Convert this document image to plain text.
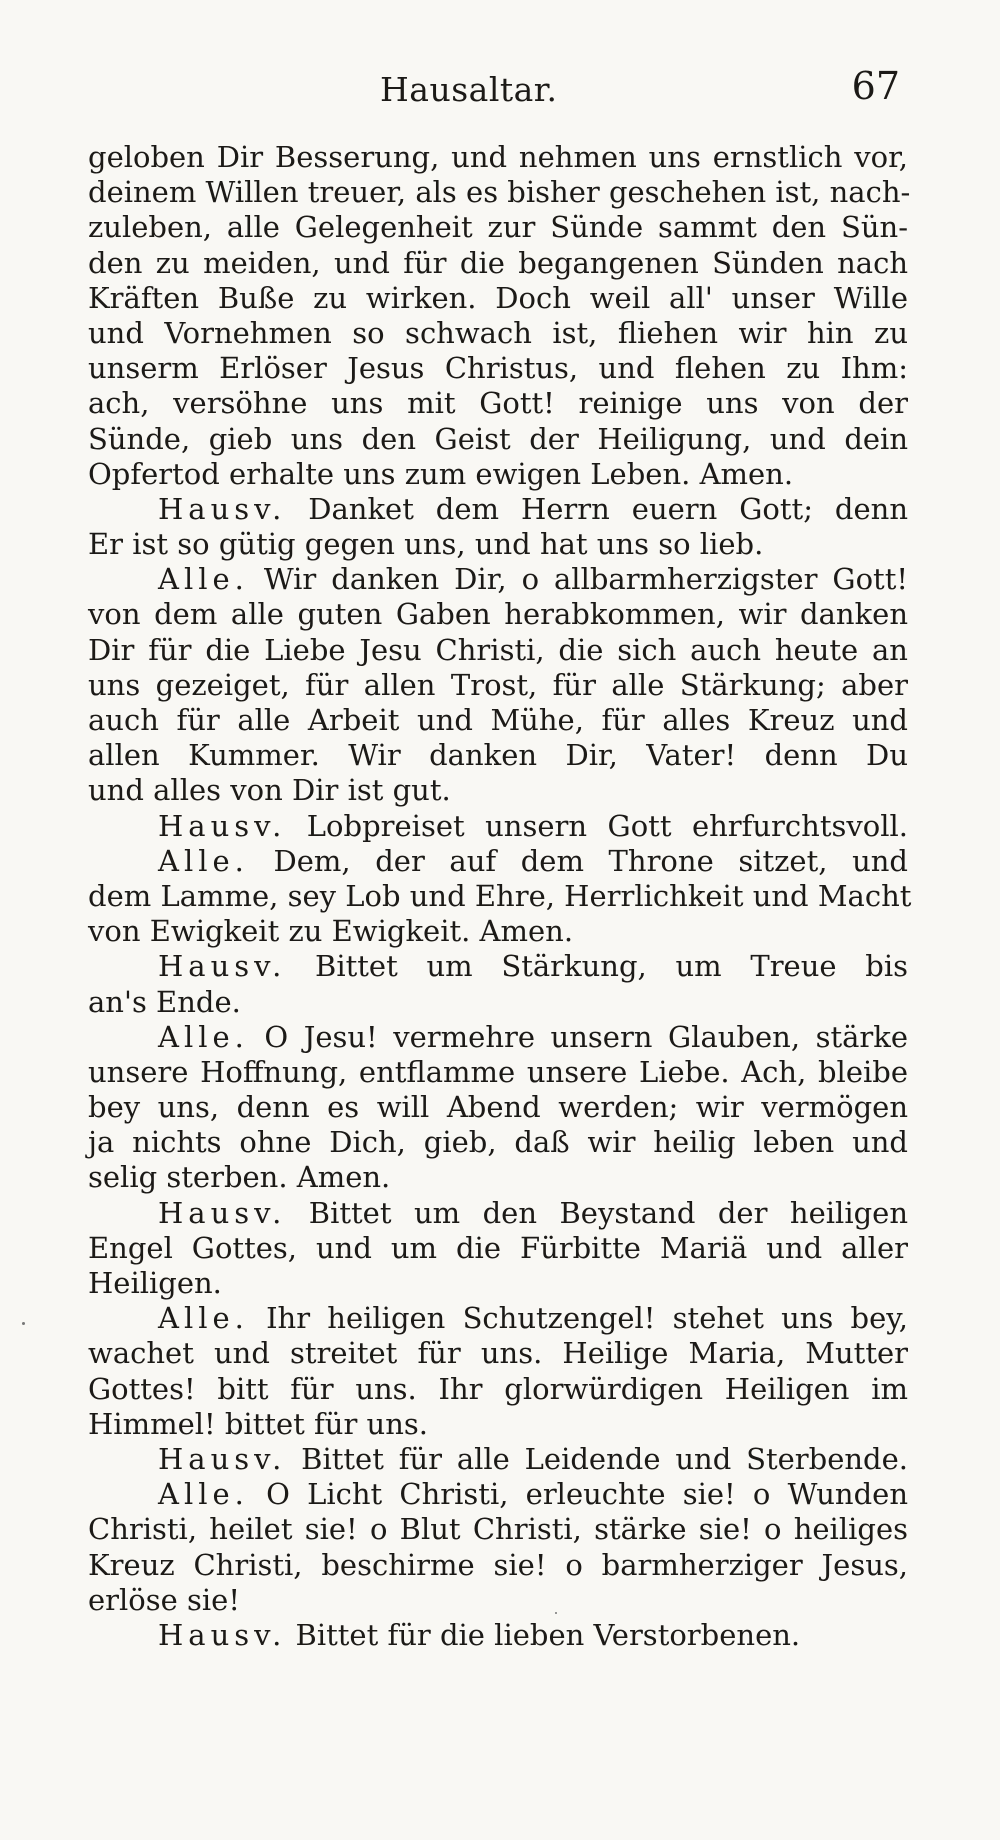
Hausaltar.	67
geloben Dir Besserung, und nehmen uns ernstlich vor,
deinem Willen treuer, als es bisher geschehen ist, nach-
zuleben, alle Gelegenheit zur Sünde sammt den Sün-
den zu meiden, und für die begangenen Sünden nach
Kräften Buße zu wirken. Doch weil all' unser Wille
und Vornehmen so schwach ist, fliehen wir hin zu
unserm Erlöser Jesus Christus, und flehen zu Ihm:
ach, versöhne uns mit Gott! reinige uns von der
Sünde, gieb uns den Geist der Heiligung, und dein
Opfertod erhalte uns zum ewigen Leben. Amen.
Hausv. Danket dem Herrn euern Gott; denn
Er ist so gütig gegen uns, und hat uns so lieb.
Alle. Wir danken Dir, o allbarmherzigster Gott!
von dem alle guten Gaben herabkommen, wir danken
Dir für die Liebe Jesu Christi, die sich auch heute an
uns gezeiget, für allen Trost, für alle Stärkung; aber
auch für alle Arbeit und Mühe, für alles Kreuz und
allen Kummer. Wir danken Dir, Vater! denn Du
und alles von Dir ist gut.
Hausv. Lobpreiset unsern Gott ehrfurchtsvoll.
Alle. Dem, der auf dem Throne sitzet, und
dem Lamme, sey Lob und Ehre, Herrlichkeit und Macht
von Ewigkeit zu Ewigkeit. Amen.
Hausv. Bittet um Stärkung, um Treue bis
an's Ende.
Alle. O Jesu! vermehre unsern Glauben, stärke
unsere Hoffnung, entflamme unsere Liebe. Ach, bleibe
bey uns, denn es will Abend werden; wir vermögen
ja nichts ohne Dich, gieb, daß wir heilig leben und
selig sterben. Amen.
Hausv. Bittet um den Beystand der heiligen
Engel Gottes, und um die Fürbitte Mariä und aller
Heiligen.
Alle. Ihr heiligen Schutzengel! stehet uns bey,
wachet und streitet für uns. Heilige Maria, Mutter
Gottes! bitt für uns. Ihr glorwürdigen Heiligen im
Himmel! bittet für uns.
Hausv. Bittet für alle Leidende und Sterbende.
Alle. O Licht Christi, erleuchte sie! o Wunden
Christi, heilet sie! o Blut Christi, stärke sie! o heiliges
Kreuz Christi, beschirme sie! o barmherziger Jesus,
erlöse sie!
Hausv. Bittet für die lieben Verstorbenen.
